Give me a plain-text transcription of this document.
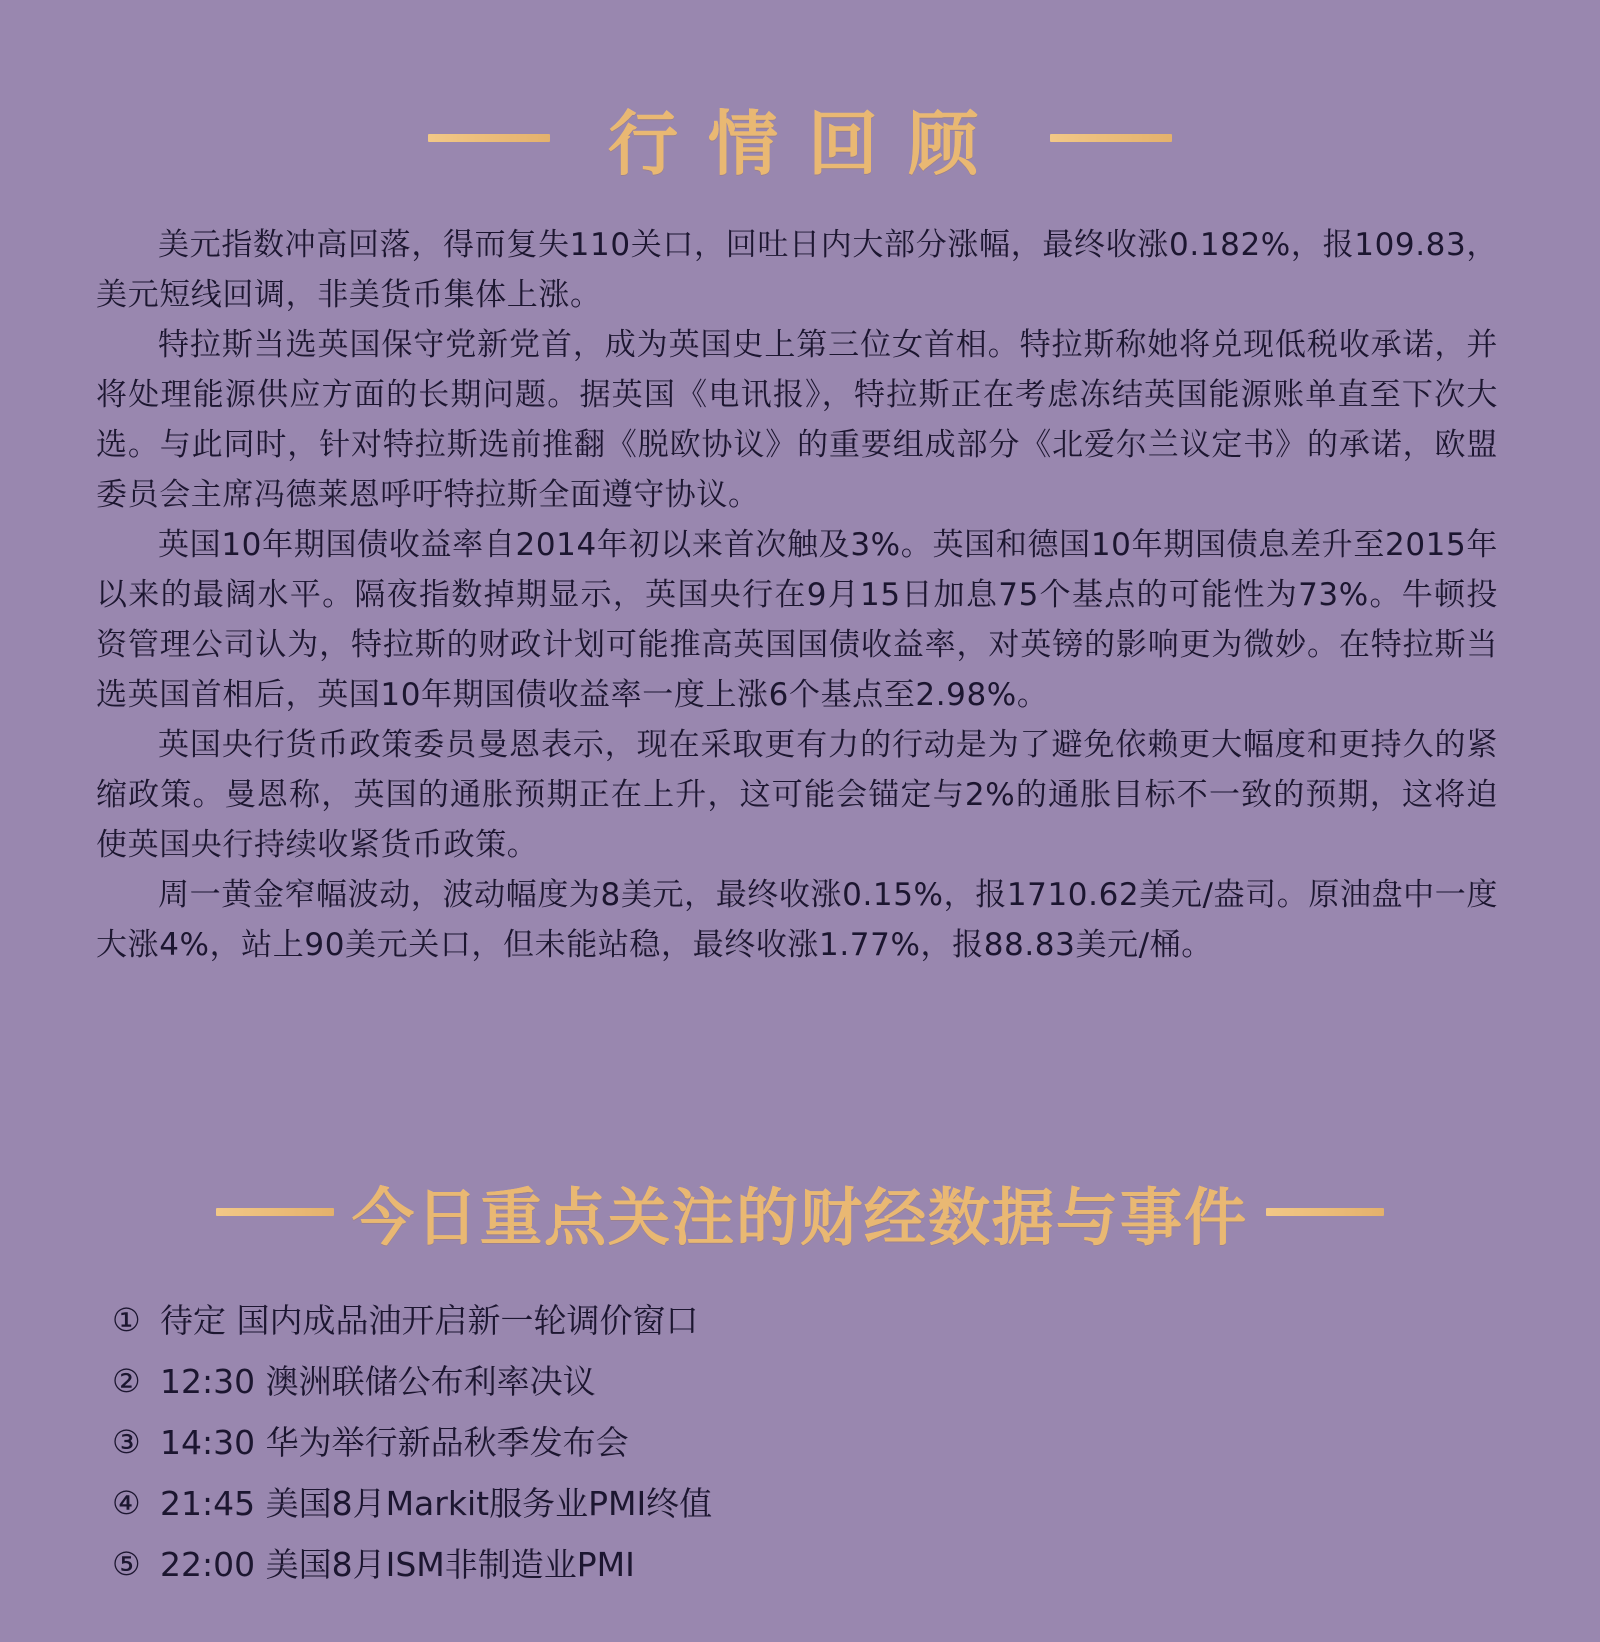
行情回顾

美元指数冲高回落，得而复失110关口，回吐日内大部分涨幅，最终收涨0.182%，报109.83，美元短线回调，非美货币集体上涨。

特拉斯当选英国保守党新党首，成为英国史上第三位女首相。特拉斯称她将兑现低税收承诺，并将处理能源供应方面的长期问题。据英国《电讯报》，特拉斯正在考虑冻结英国能源账单直至下次大选。与此同时，针对特拉斯选前推翻《脱欧协议》的重要组成部分《北爱尔兰议定书》的承诺，欧盟委员会主席冯德莱恩呼吁特拉斯全面遵守协议。

英国10年期国债收益率自2014年初以来首次触及3%。英国和德国10年期国债息差升至2015年以来的最阔水平。隔夜指数掉期显示，英国央行在9月15日加息75个基点的可能性为73%。牛顿投资管理公司认为，特拉斯的财政计划可能推高英国国债收益率，对英镑的影响更为微妙。在特拉斯当选英国首相后，英国10年期国债收益率一度上涨6个基点至2.98%。

英国央行货币政策委员曼恩表示，现在采取更有力的行动是为了避免依赖更大幅度和更持久的紧缩政策。曼恩称，英国的通胀预期正在上升，这可能会锚定与2%的通胀目标不一致的预期，这将迫使英国央行持续收紧货币政策。

周一黄金窄幅波动，波动幅度为8美元，最终收涨0.15%，报1710.62美元/盎司。原油盘中一度大涨4%，站上90美元关口，但未能站稳，最终收涨1.77%，报88.83美元/桶。

今日重点关注的财经数据与事件
① 待定 国内成品油开启新一轮调价窗口
② 12:30 澳洲联储公布利率决议
③ 14:30 华为举行新品秋季发布会
④ 21:45 美国8月Markit服务业PMI终值
⑤ 22:00 美国8月ISM非制造业PMI
